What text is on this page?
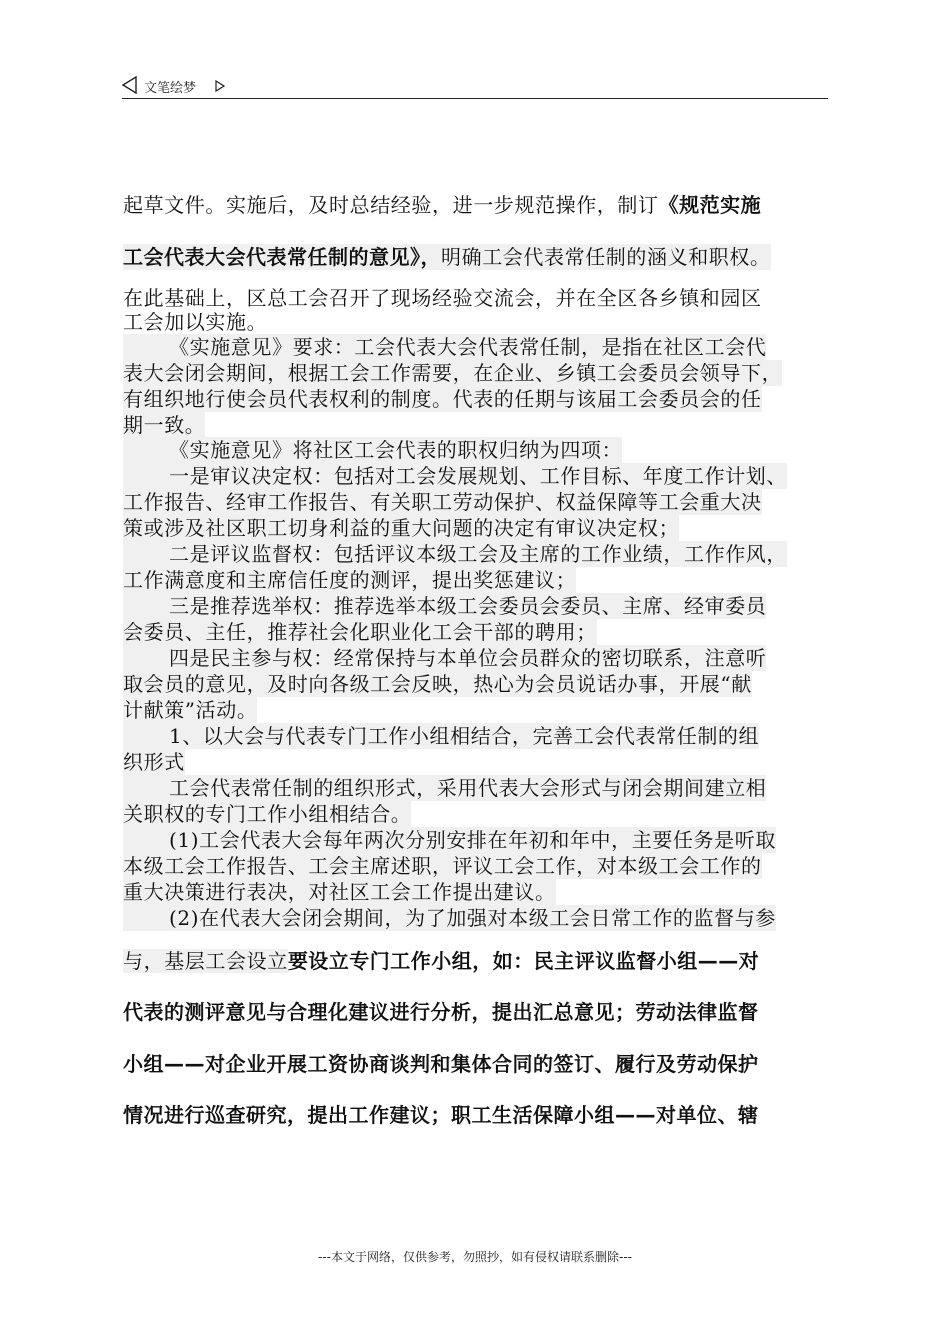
文笔绘梦
起草文件。实施后，及时总结经验，进一步规范操作，制订《规范实施
工会代表大会代表常任制的意见》，明确工会代表常任制的涵义和职权。
在此基础上，区总工会召开了现场经验交流会，并在全区各乡镇和园区
工会加以实施。
《实施意见》要求：工会代表大会代表常任制，是指在社区工会代
表大会闭会期间，根据工会工作需要，在企业、乡镇工会委员会领导下，
有组织地行使会员代表权利的制度。代表的任期与该届工会委员会的任
期一致。
《实施意见》将社区工会代表的职权归纳为四项：
一是审议决定权：包括对工会发展规划、工作目标、年度工作计划、
工作报告、经审工作报告、有关职工劳动保护、权益保障等工会重大决
策或涉及社区职工切身利益的重大问题的决定有审议决定权；
二是评议监督权：包括评议本级工会及主席的工作业绩，工作作风，
工作满意度和主席信任度的测评，提出奖惩建议；
三是推荐选举权：推荐选举本级工会委员会委员、主席、经审委员
会委员、主任，推荐社会化职业化工会干部的聘用；
四是民主参与权：经常保持与本单位会员群众的密切联系，注意听
取会员的意见，及时向各级工会反映，热心为会员说话办事，开展“献
计献策”活动。
1、以大会与代表专门工作小组相结合，完善工会代表常任制的组
织形式
工会代表常任制的组织形式，采用代表大会形式与闭会期间建立相
关职权的专门工作小组相结合。
(1)工会代表大会每年两次分别安排在年初和年中，主要任务是听取
本级工会工作报告、工会主席述职，评议工会工作，对本级工会工作的
重大决策进行表决，对社区工会工作提出建议。
(2)在代表大会闭会期间，为了加强对本级工会日常工作的监督与参
与，基层工会设立要设立专门工作小组，如：民主评议监督小组——对
代表的测评意见与合理化建议进行分析，提出汇总意见；劳动法律监督
小组——对企业开展工资协商谈判和集体合同的签订、履行及劳动保护
情况进行巡查研究，提出工作建议；职工生活保障小组——对单位、辖
---本文于网络，仅供参考，勿照抄，如有侵权请联系删除---
